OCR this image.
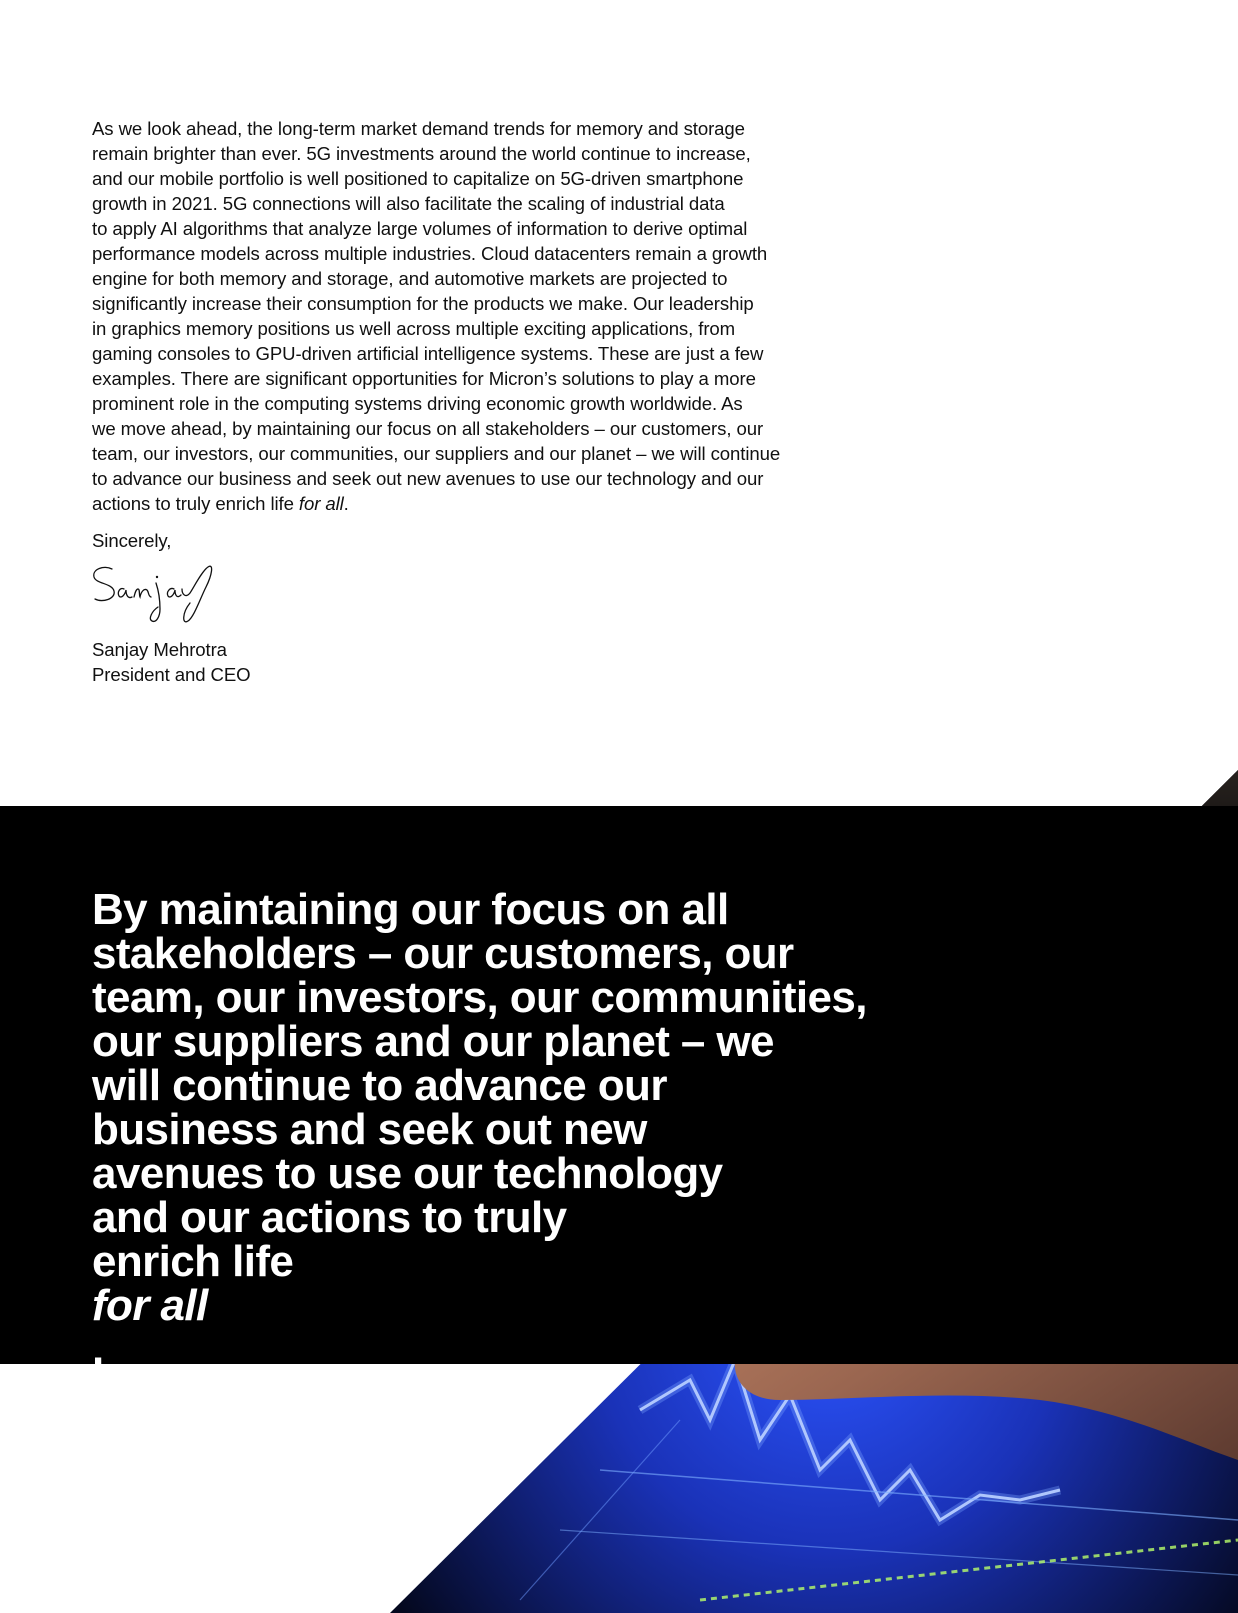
As we look ahead, the long-term market demand trends for memory and storage
remain brighter than ever. 5G investments around the world continue to increase,
and our mobile portfolio is well positioned to capitalize on 5G-driven smartphone
growth in 2021. 5G connections will also facilitate the scaling of industrial data
to apply AI algorithms that analyze large volumes of information to derive optimal
performance models across multiple industries. Cloud datacenters remain a growth
engine for both memory and storage, and automotive markets are projected to
significantly increase their consumption for the products we make. Our leadership
in graphics memory positions us well across multiple exciting applications, from
gaming consoles to GPU-driven artificial intelligence systems. These are just a few
examples. There are significant opportunities for Micron’s solutions to play a more
prominent role in the computing systems driving economic growth worldwide. As
we move ahead, by maintaining our focus on all stakeholders – our customers, our
team, our investors, our communities, our suppliers and our planet – we will continue
to advance our business and seek out new avenues to use our technology and our
actions to truly enrich life for all.

Sincerely,

Sanjay Mehrotra

President and CEO

By maintaining our focus on all
stakeholders – our customers, our
team, our investors, our communities,
our suppliers and our planet – we
will continue to advance our
business and seek out new
avenues to use our technology
and our actions to truly
enrich life
for all
.
